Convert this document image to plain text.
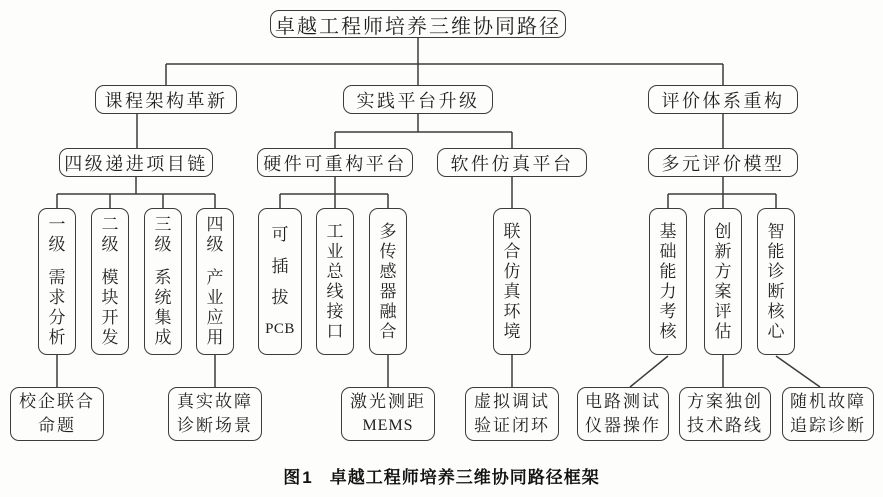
卓越工程师培养三维协同路径
课程架构革新	实践平台升级	评价体系重构
四级递进项目链	硬件可重构平台	软件仿真平台	多元评价模型
一
级
需
求
分
析
二
级
模
块
开
发
三
级
系
统
集
成
四
级
产
业
应
用
可
插
拔
PCB
工
业
总
线
接
口
多
传
感
器
融
合
联
合
仿
真
环
境
基
础
能
力
考
核
创
新
方
案
评
估
智
能
诊
断
核
心
校企联合
命题
真实故障
诊断场景
激光测距
MEMS
虚拟调试
验证闭环
电路测试
仪器操作
方案独创
技术路线
随机故障
追踪诊断
图1 卓越工程师培养三维协同路径框架
